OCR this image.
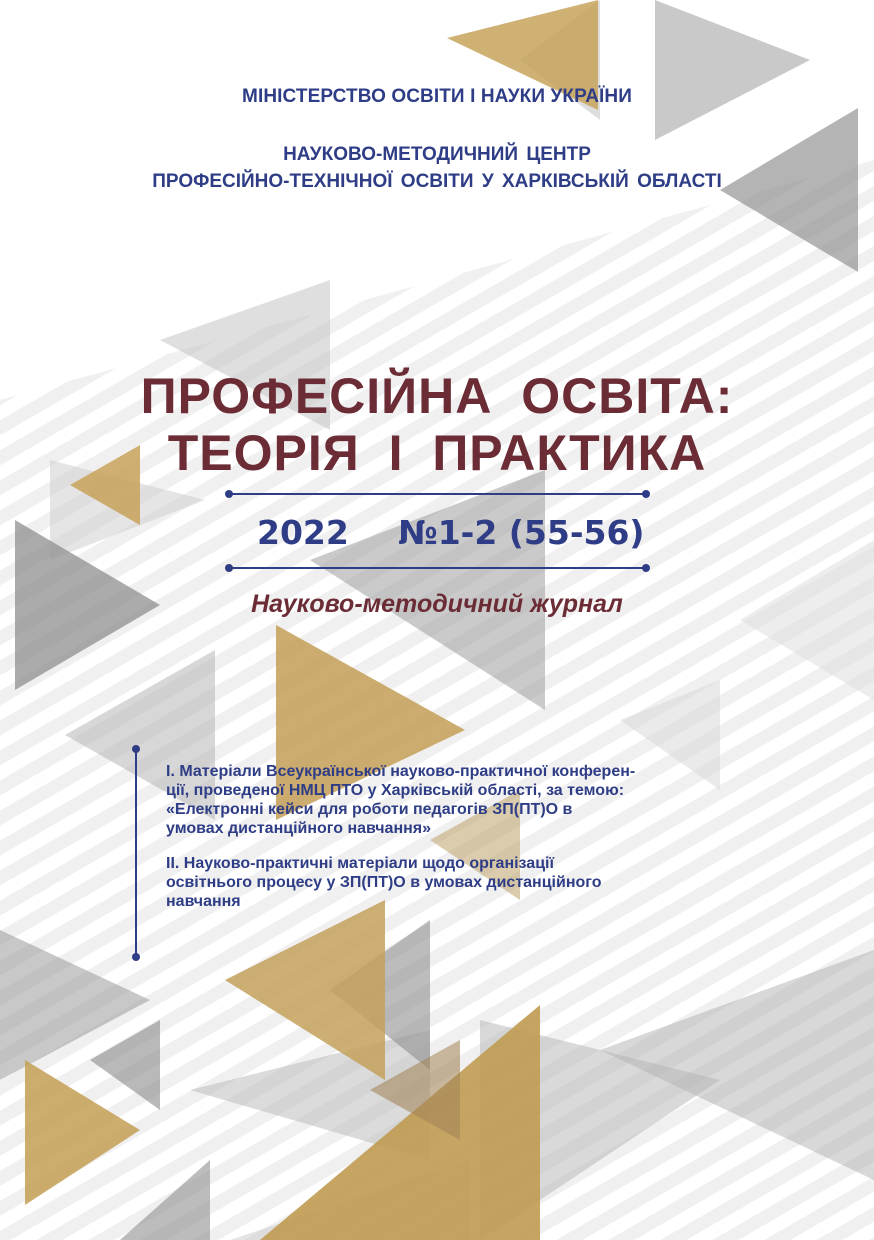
МІНІСТЕРСТВО ОСВІТИ І НАУКИ УКРАЇНИ
НАУКОВО-МЕТОДИЧНИЙ ЦЕНТР
ПРОФЕСІЙНО-ТЕХНІЧНОЇ ОСВІТИ У ХАРКІВСЬКІЙ ОБЛАСТІ
ПРОФЕСІЙНА ОСВІТА:
ТЕОРІЯ І ПРАКТИКА
2022 №1-2 (55-56)
Науково-методичний журнал
I. Матеріали Всеукраїнської науково-практичної конферен-
ції, проведеної НМЦ ПТО у Харківській області, за темою:
«Електронні кейси для роботи педагогів ЗП(ПТ)О в
умовах дистанційного навчання»
II. Науково-практичні матеріали щодо організації
освітнього процесу у ЗП(ПТ)О в умовах дистанційного
навчання
